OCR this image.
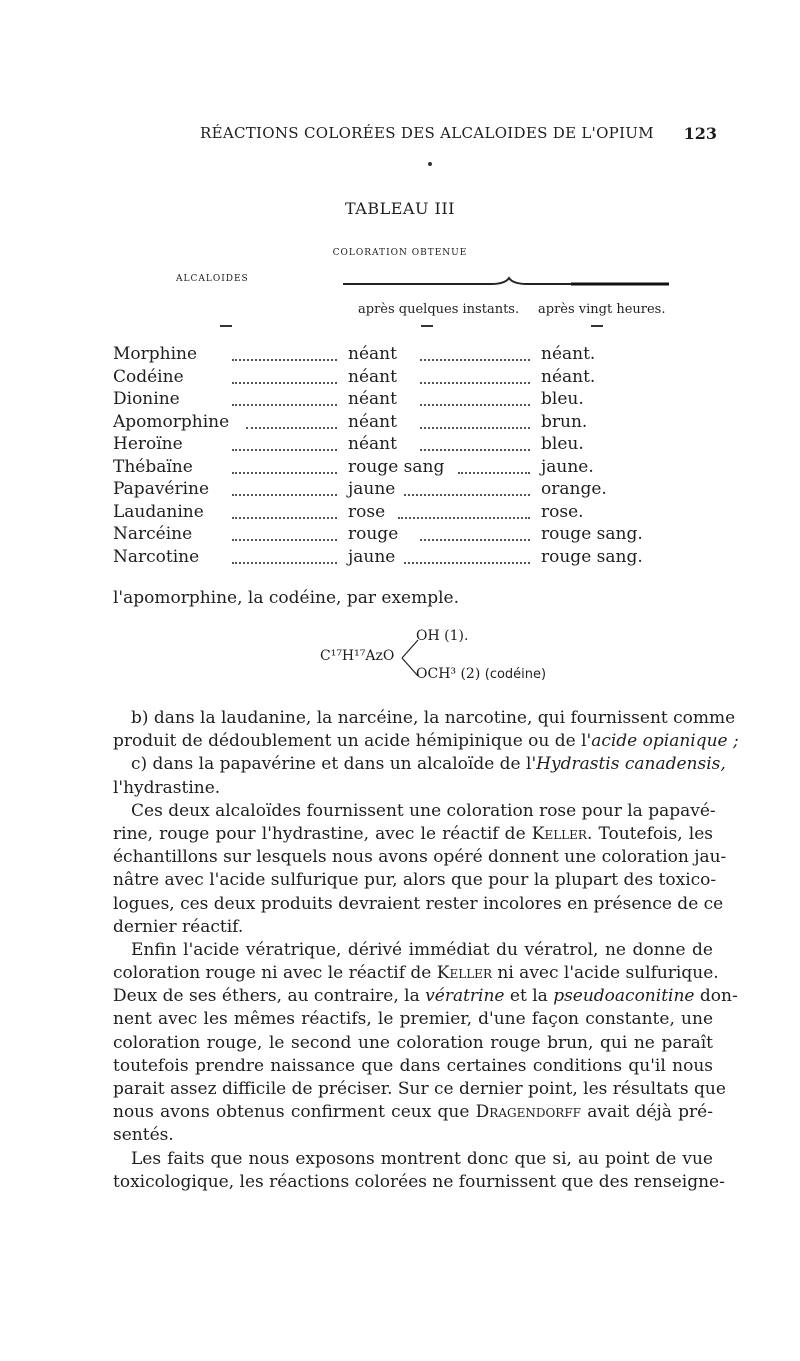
RÉACTIONS COLORÉES DES ALCALOIDES DE L'OPIUM 123
TABLEAU III
COLORATION OBTENUE
ALCALOIDES
après quelques instants. après vingt heures.
Morphine	néant	néant.
Codéine	néant	néant.
Dionine	néant	bleu.
Apomorphine	néant	brun.
Heroïne	néant	bleu.
Thébaïne	rouge sang	jaune.
Papavérine	jaune	orange.
Laudanine	rose	rose.
Narcéine	rouge	rouge sang.
Narcotine	jaune	rouge sang.
l'apomorphine, la codéine, par exemple.
C¹⁷H¹⁷AzO
OH (1).
OCH³ (2) (codéine)
b) dans la laudanine, la narcéine, la narcotine, qui fournissent comme
produit de dédoublement un acide hémipinique ou de l'acide opianique ;
c) dans la papavérine et dans un alcaloïde de l'Hydrastis canadensis,
l'hydrastine.
Ces deux alcaloïdes fournissent une coloration rose pour la papavé-
rine, rouge pour l'hydrastine, avec le réactif de Keller. Toutefois, les
échantillons sur lesquels nous avons opéré donnent une coloration jau-
nâtre avec l'acide sulfurique pur, alors que pour la plupart des toxico-
logues, ces deux produits devraient rester incolores en présence de ce
dernier réactif.
Enfin l'acide vératrique, dérivé immédiat du vératrol, ne donne de
coloration rouge ni avec le réactif de Keller ni avec l'acide sulfurique.
Deux de ses éthers, au contraire, la vératrine et la pseudoaconitine don-
nent avec les mêmes réactifs, le premier, d'une façon constante, une
coloration rouge, le second une coloration rouge brun, qui ne paraît
toutefois prendre naissance que dans certaines conditions qu'il nous
parait assez difficile de préciser. Sur ce dernier point, les résultats que
nous avons obtenus confirment ceux que Dragendorff avait déjà pré-
sentés.
Les faits que nous exposons montrent donc que si, au point de vue
toxicologique, les réactions colorées ne fournissent que des renseigne-
